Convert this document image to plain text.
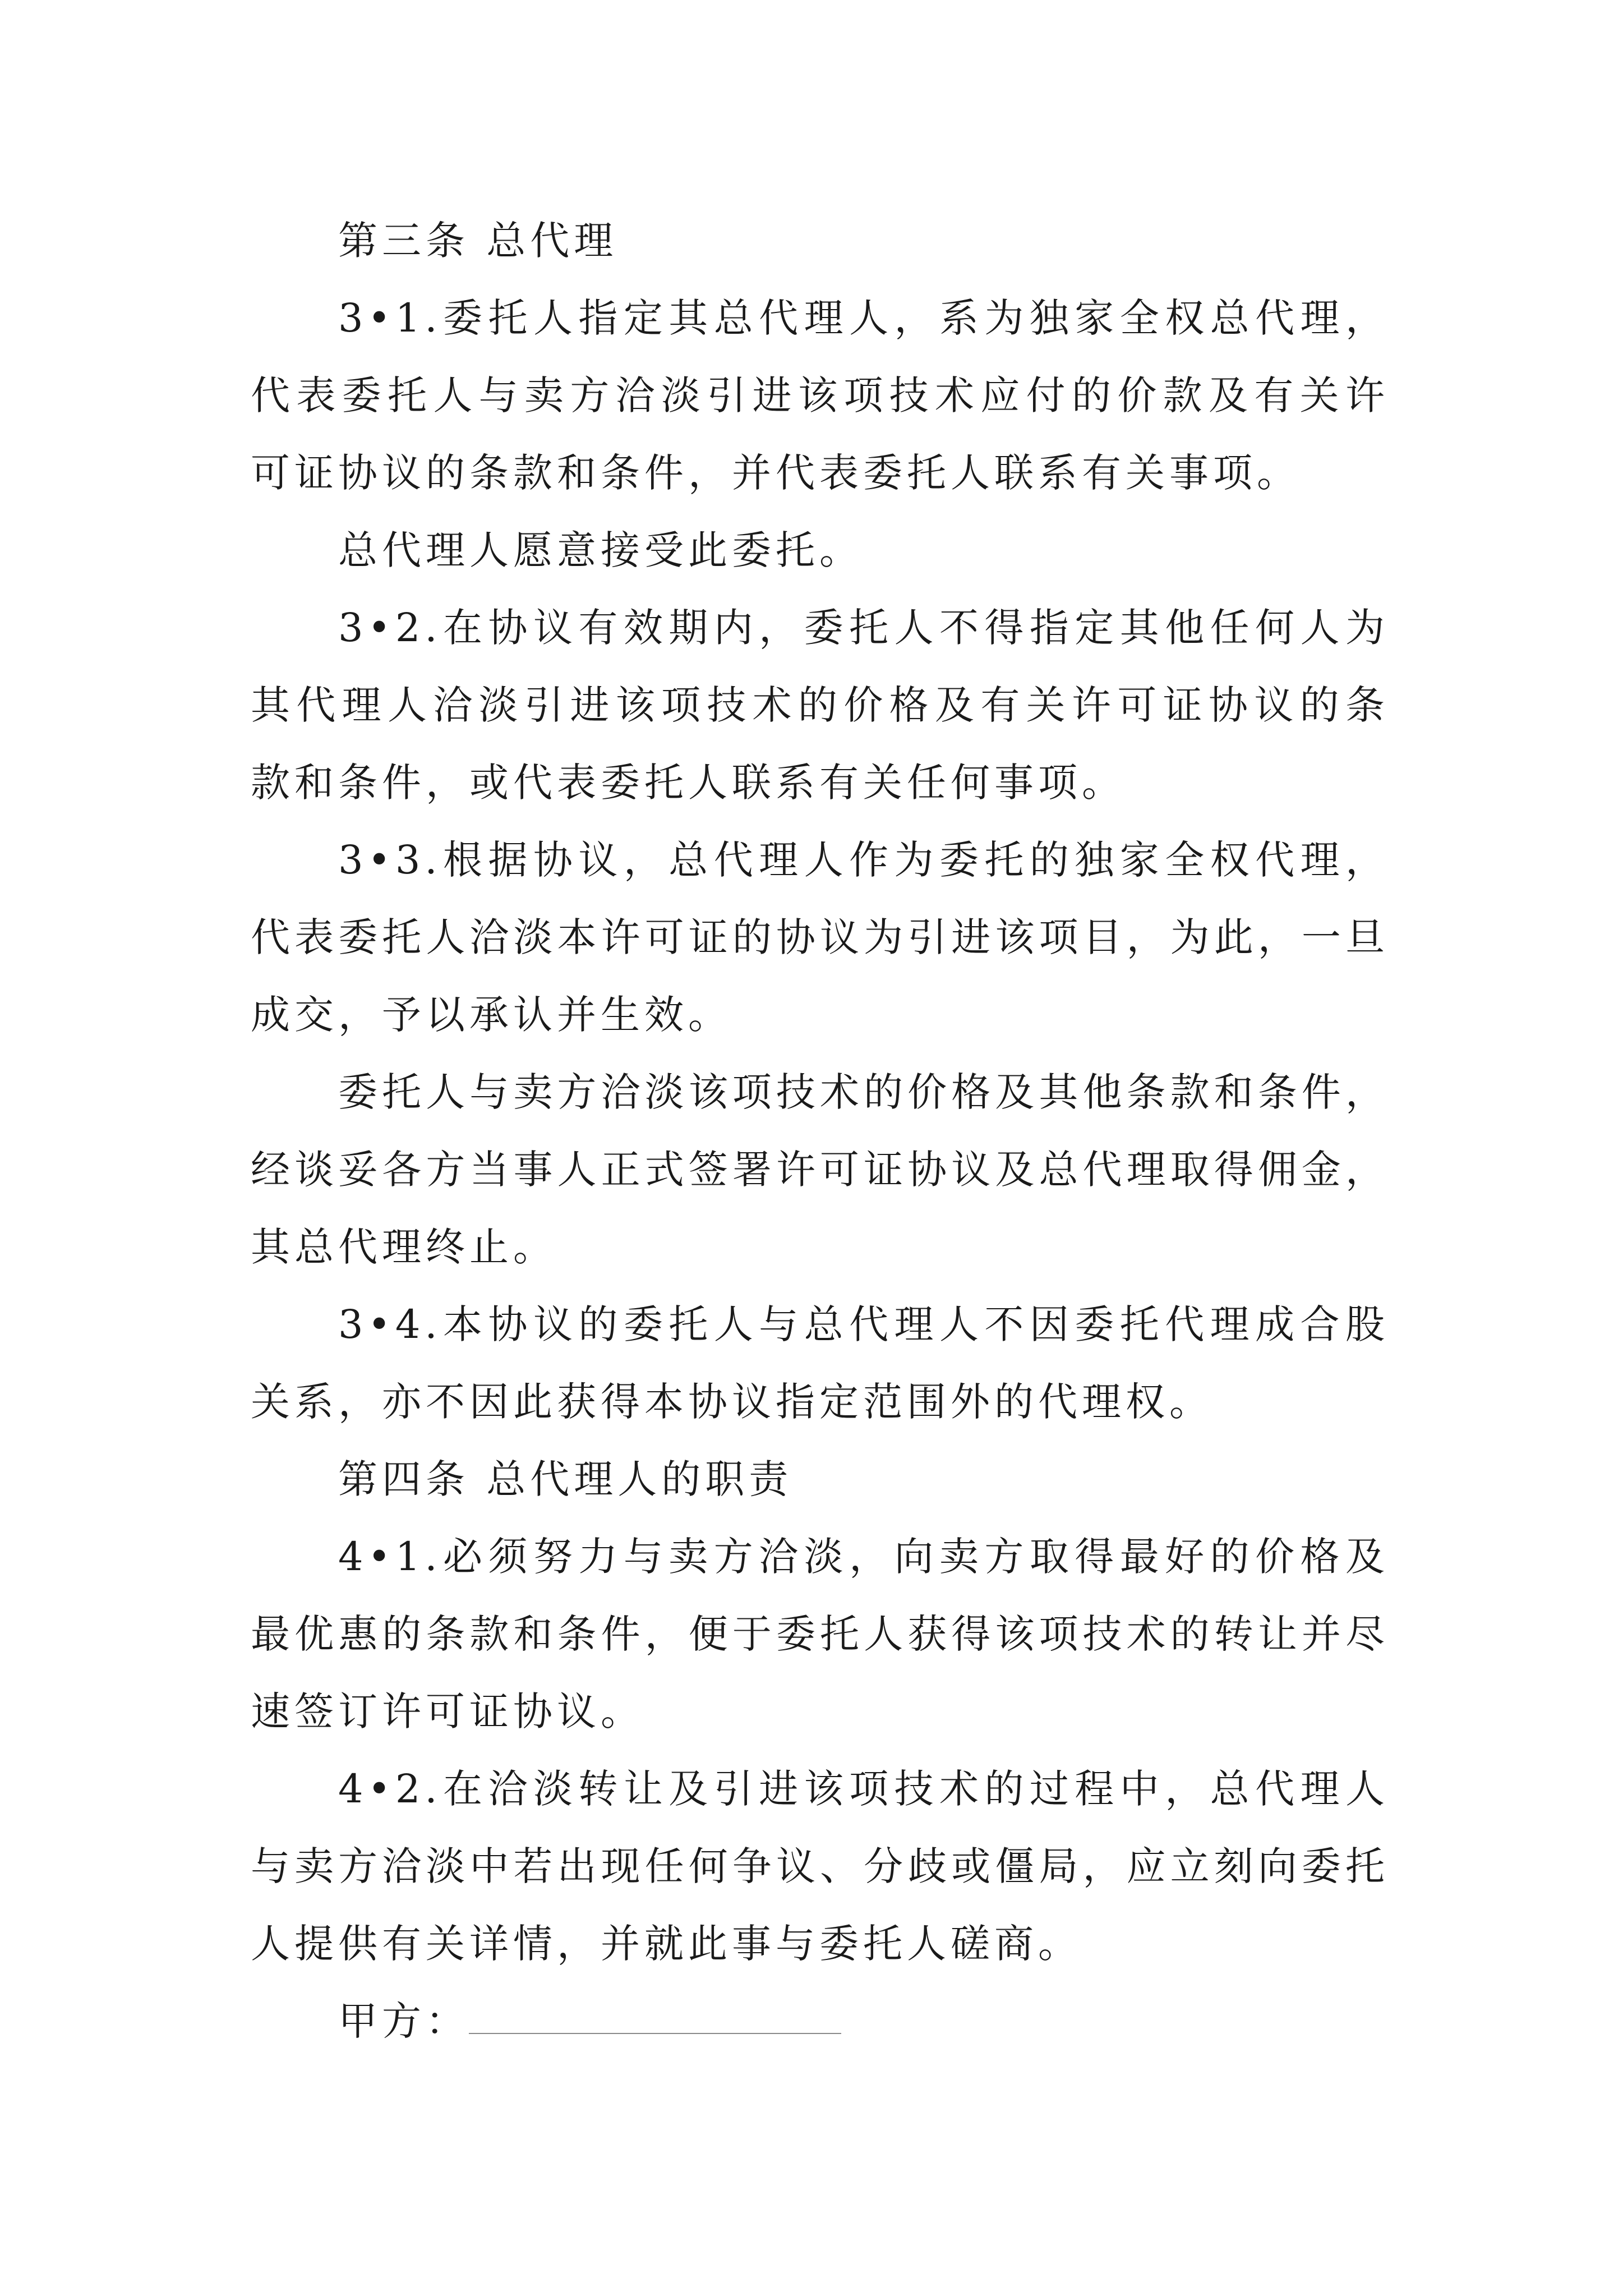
第三条 总代理
3•1.委托人指定其总代理人，系为独家全权总代理，
代表委托人与卖方洽淡引进该项技术应付的价款及有关许
可证协议的条款和条件，并代表委托人联系有关事项。
总代理人愿意接受此委托。
3•2.在协议有效期内，委托人不得指定其他任何人为
其代理人洽淡引进该项技术的价格及有关许可证协议的条
款和条件，或代表委托人联系有关任何事项。
3•3.根据协议，总代理人作为委托的独家全权代理，
代表委托人洽淡本许可证的协议为引进该项目，为此，一旦
成交，予以承认并生效。
委托人与卖方洽淡该项技术的价格及其他条款和条件，
经谈妥各方当事人正式签署许可证协议及总代理取得佣金，
其总代理终止。
3•4.本协议的委托人与总代理人不因委托代理成合股
关系，亦不因此获得本协议指定范围外的代理权。
第四条 总代理人的职责
4•1.必须努力与卖方洽淡，向卖方取得最好的价格及
最优惠的条款和条件，便于委托人获得该项技术的转让并尽
速签订许可证协议。
4•2.在洽淡转让及引进该项技术的过程中，总代理人
与卖方洽淡中若出现任何争议、分歧或僵局，应立刻向委托
人提供有关详情，并就此事与委托人磋商。
甲方：
